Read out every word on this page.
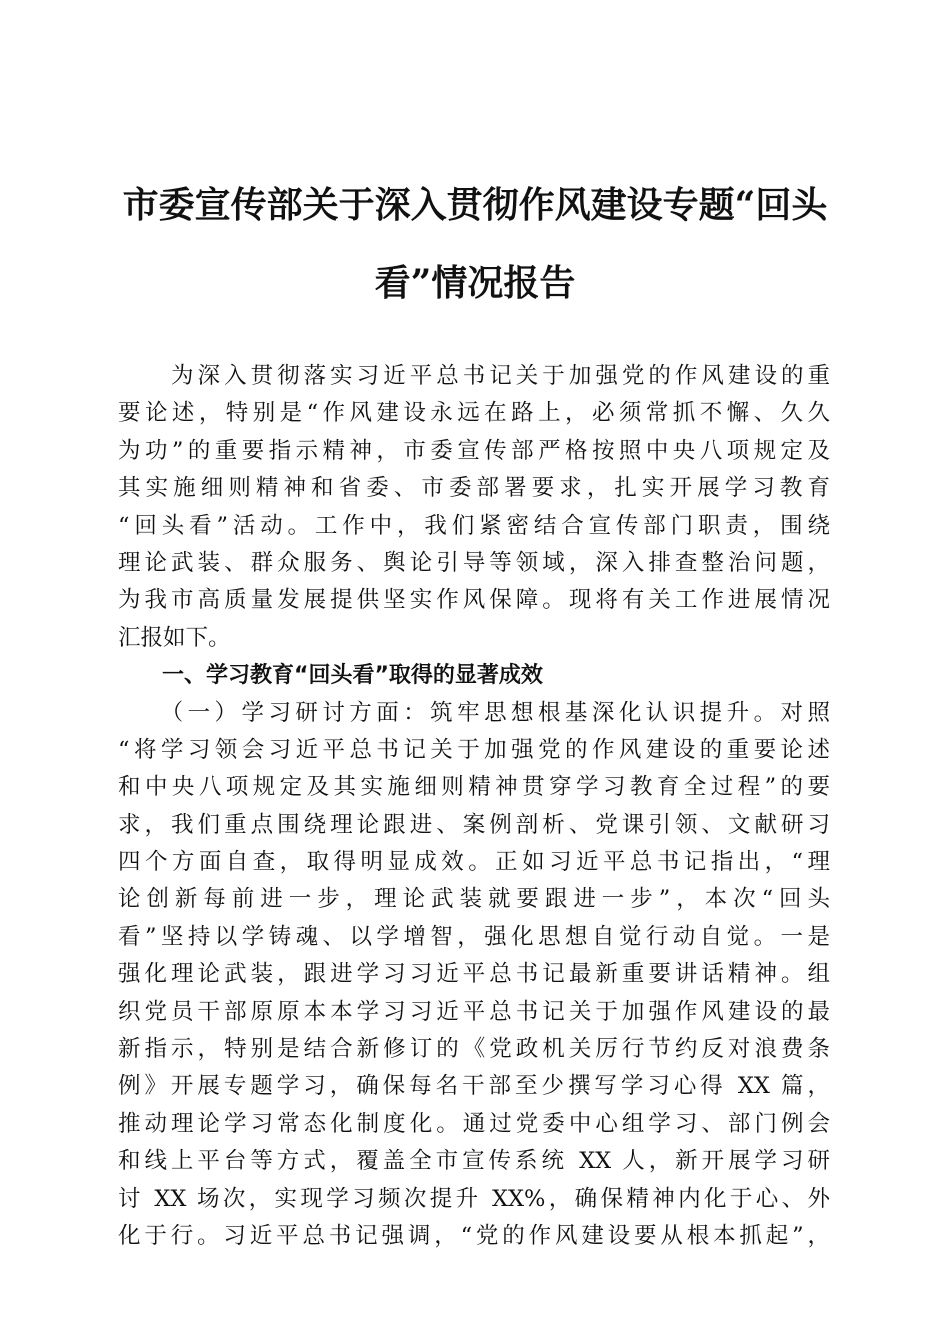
市委宣传部关于深入贯彻作风建设专题“回头
看”情况报告
　　为深入贯彻落实习近平总书记关于加强党的作风建设的重
要论述，特别是“作风建设永远在路上，必须常抓不懈、久久
为功”的重要指示精神，市委宣传部严格按照中央八项规定及
其实施细则精神和省委、市委部署要求，扎实开展学习教育
“回头看”活动。工作中，我们紧密结合宣传部门职责，围绕
理论武装、群众服务、舆论引导等领域，深入排查整治问题，
为我市高质量发展提供坚实作风保障。现将有关工作进展情况
汇报如下。
　　一、学习教育“回头看”取得的显著成效
　　（一）学习研讨方面：筑牢思想根基深化认识提升。对照
“将学习领会习近平总书记关于加强党的作风建设的重要论述
和中央八项规定及其实施细则精神贯穿学习教育全过程”的要
求，我们重点围绕理论跟进、案例剖析、党课引领、文献研习
四个方面自查，取得明显成效。正如习近平总书记指出，“理
论创新每前进一步，理论武装就要跟进一步”，本次“回头
看”坚持以学铸魂、以学增智，强化思想自觉行动自觉。一是
强化理论武装，跟进学习习近平总书记最新重要讲话精神。组
织党员干部原原本本学习习近平总书记关于加强作风建设的最
新指示，特别是结合新修订的《党政机关厉行节约反对浪费条
例》开展专题学习，确保每名干部至少撰写学习心得 XX 篇，
推动理论学习常态化制度化。通过党委中心组学习、部门例会
和线上平台等方式，覆盖全市宣传系统 XX 人，新开展学习研
讨 XX 场次，实现学习频次提升 XX%，确保精神内化于心、外
化于行。习近平总书记强调，“党的作风建设要从根本抓起”，
